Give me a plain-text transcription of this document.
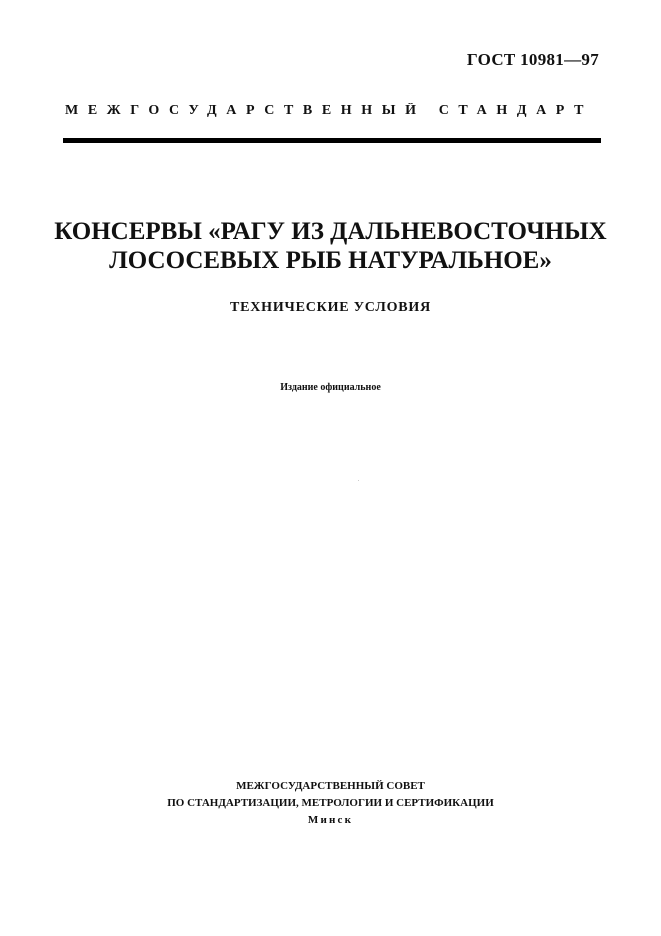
ГОСТ 10981—97
МЕЖГОСУДАРСТВЕННЫЙ СТАНДАРТ
КОНСЕРВЫ «РАГУ ИЗ ДАЛЬНЕВОСТОЧНЫХ
ЛОСОСЕВЫХ РЫБ НАТУРАЛЬНОЕ»
ТЕХНИЧЕСКИЕ УСЛОВИЯ
Издание официальное
МЕЖГОСУДАРСТВЕННЫЙ СОВЕТ
ПО СТАНДАРТИЗАЦИИ, МЕТРОЛОГИИ И СЕРТИФИКАЦИИ
Минск
